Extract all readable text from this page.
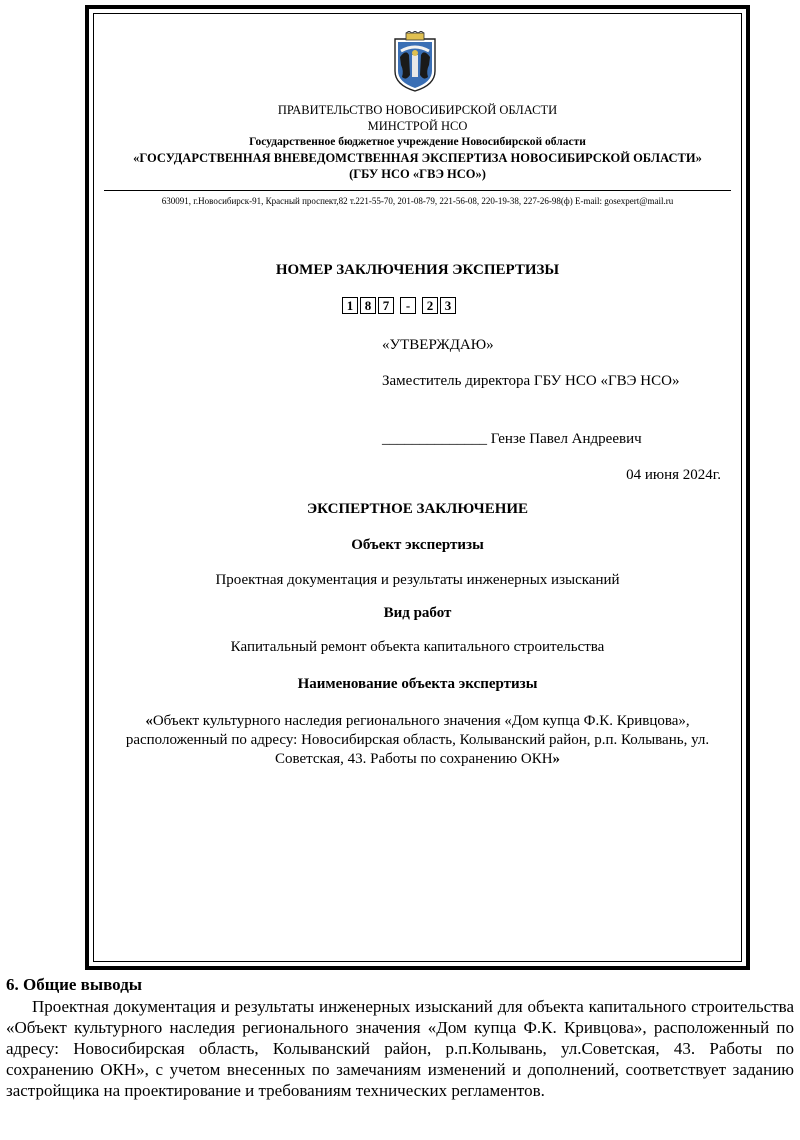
ПРАВИТЕЛЬСТВО НОВОСИБИРСКОЙ ОБЛАСТИ
МИНСТРОЙ НСО
Государственное бюджетное учреждение Новосибирской области
«ГОСУДАРСТВЕННАЯ ВНЕВЕДОМСТВЕННАЯ ЭКСПЕРТИЗА НОВОСИБИРСКОЙ ОБЛАСТИ»
(ГБУ НСО «ГВЭ НСО»)
630091, г.Новосибирск-91, Красный проспект,82 т.221-55-70, 201-08-79, 221-56-08, 220-19-38, 227-26-98(ф) E-mail: gosexpert@mail.ru
НОМЕР ЗАКЛЮЧЕНИЯ ЭКСПЕРТИЗЫ
1 8 7	-	2 3
«УТВЕРЖДАЮ»
Заместитель директора ГБУ НСО «ГВЭ НСО»
______________ Гензе Павел Андреевич
04 июня 2024г.
ЭКСПЕРТНОЕ ЗАКЛЮЧЕНИЕ
Объект экспертизы
Проектная документация и результаты инженерных изысканий
Вид работ
Капитальный ремонт объекта капитального строительства
Наименование объекта экспертизы
«Объект культурного наследия регионального значения «Дом купца Ф.К. Кривцова», расположенный по адресу: Новосибирская область, Колыванский район, р.п. Колывань, ул. Советская, 43. Работы по сохранению ОКН»
6. Общие выводы
Проектная документация и результаты инженерных изысканий для объекта капитального строительства «Объект культурного наследия регионального значения «Дом купца Ф.К. Кривцова», расположенный по адресу: Новосибирская область, Колыванский район, р.п.Колывань, ул.Советская, 43. Работы по сохранению ОКН», с учетом внесенных по замечаниям изменений и дополнений, соответствует заданию застройщика на проектирование и требованиям технических регламентов.
